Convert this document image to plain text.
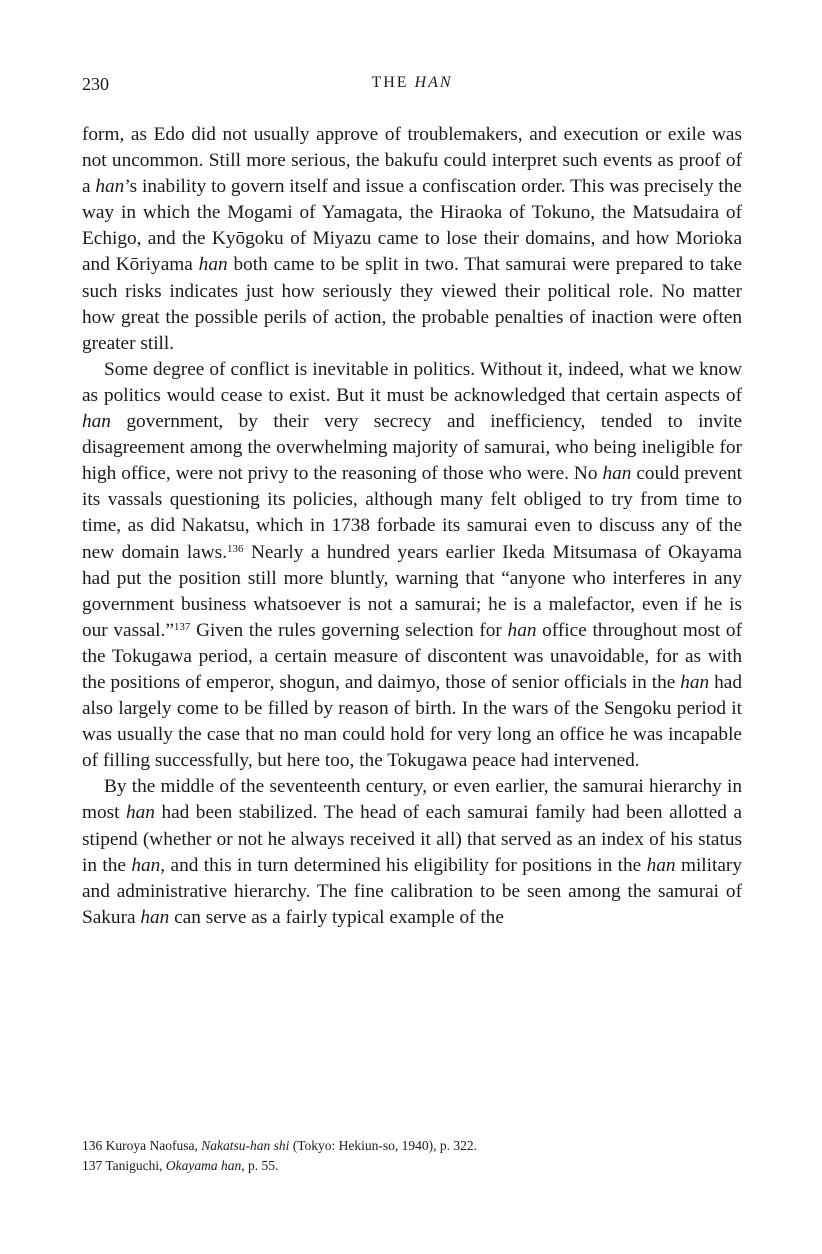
230	THE HAN

form, as Edo did not usually approve of troublemakers, and execution or exile was not uncommon. Still more serious, the bakufu could interpret such events as proof of a han’s inability to govern itself and issue a confiscation order. This was precisely the way in which the Mogami of Yamagata, the Hiraoka of Tokuno, the Matsudaira of Echigo, and the Kyōgoku of Miyazu came to lose their domains, and how Morioka and Kōriyama han both came to be split in two. That samurai were prepared to take such risks indicates just how seriously they viewed their political role. No matter how great the possible perils of action, the probable penalties of inaction were often greater still.

Some degree of conflict is inevitable in politics. Without it, indeed, what we know as politics would cease to exist. But it must be acknowledged that certain aspects of han government, by their very secrecy and inefficiency, tended to invite disagreement among the overwhelming majority of samurai, who being ineligible for high office, were not privy to the reasoning of those who were. No han could prevent its vassals questioning its policies, although many felt obliged to try from time to time, as did Nakatsu, which in 1738 forbade its samurai even to discuss any of the new domain laws.$^{136}$ Nearly a hundred years earlier Ikeda Mitsumasa of Okayama had put the position still more bluntly, warning that “anyone who interferes in any government business whatsoever is not a samurai; he is a malefactor, even if he is our vassal.”$^{137}$ Given the rules governing selection for han office throughout most of the Tokugawa period, a certain measure of discontent was unavoidable, for as with the positions of emperor, shogun, and daimyo, those of senior officials in the han had also largely come to be filled by reason of birth. In the wars of the Sengoku period it was usually the case that no man could hold for very long an office he was incapable of filling successfully, but here too, the Tokugawa peace had intervened.

By the middle of the seventeenth century, or even earlier, the samurai hierarchy in most han had been stabilized. The head of each samurai family had been allotted a stipend (whether or not he always received it all) that served as an index of his status in the han, and this in turn determined his eligibility for positions in the han military and administrative hierarchy. The fine calibration to be seen among the samurai of Sakura han can serve as a fairly typical example of the

136 Kuroya Naofusa, Nakatsu-han shi (Tokyo: Hekiun-so, 1940), p. 322.

137 Taniguchi, Okayama han, p. 55.
